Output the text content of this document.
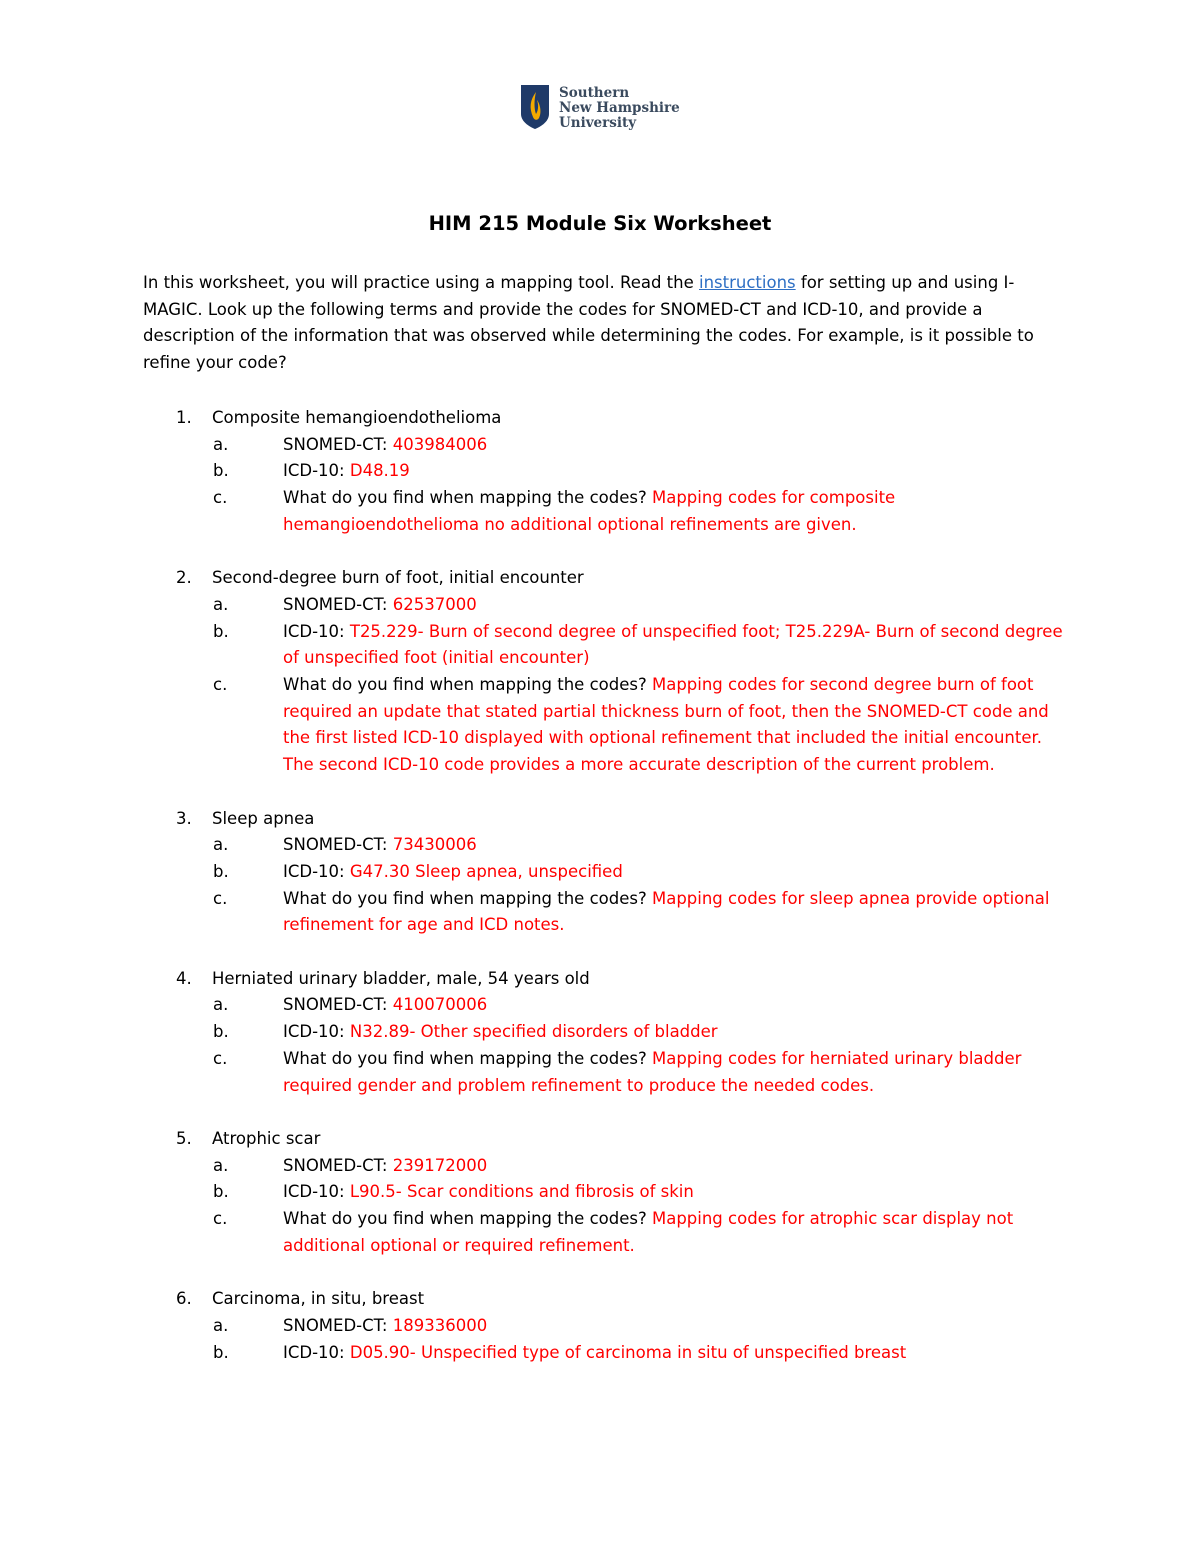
Southern
New Hampshire
University
HIM 215 Module Six Worksheet

In this worksheet, you will practice using a mapping tool. Read the instructions for setting up and using I-MAGIC. Look up the following terms and provide the codes for SNOMED-CT and ICD-10, and provide a description of the information that was observed while determining the codes. For example, is it possible to refine your code?

1.	Composite hemangioendothelioma
a.	SNOMED-CT: 403984006
b.	ICD-10: D48.19
c.	What do you find when mapping the codes? Mapping codes for composite hemangioendothelioma no additional optional refinements are given.
2.	Second-degree burn of foot, initial encounter
a.	SNOMED-CT: 62537000
b.	ICD-10: T25.229- Burn of second degree of unspecified foot; T25.229A- Burn of second degree of unspecified foot (initial encounter)
c.	What do you find when mapping the codes? Mapping codes for second degree burn of foot required an update that stated partial thickness burn of foot, then the SNOMED-CT code and the first listed ICD-10 displayed with optional refinement that included the initial encounter. The second ICD-10 code provides a more accurate description of the current problem.
3.	Sleep apnea
a.	SNOMED-CT: 73430006
b.	ICD-10: G47.30 Sleep apnea, unspecified
c.	What do you find when mapping the codes? Mapping codes for sleep apnea provide optional refinement for age and ICD notes.
4.	Herniated urinary bladder, male, 54 years old
a.	SNOMED-CT: 410070006
b.	ICD-10: N32.89- Other specified disorders of bladder
c.	What do you find when mapping the codes? Mapping codes for herniated urinary bladder required gender and problem refinement to produce the needed codes.
5.	Atrophic scar
a.	SNOMED-CT: 239172000
b.	ICD-10: L90.5- Scar conditions and fibrosis of skin
c.	What do you find when mapping the codes? Mapping codes for atrophic scar display not additional optional or required refinement.
6.	Carcinoma, in situ, breast
a.	SNOMED-CT: 189336000
b.	ICD-10: D05.90- Unspecified type of carcinoma in situ of unspecified breast
